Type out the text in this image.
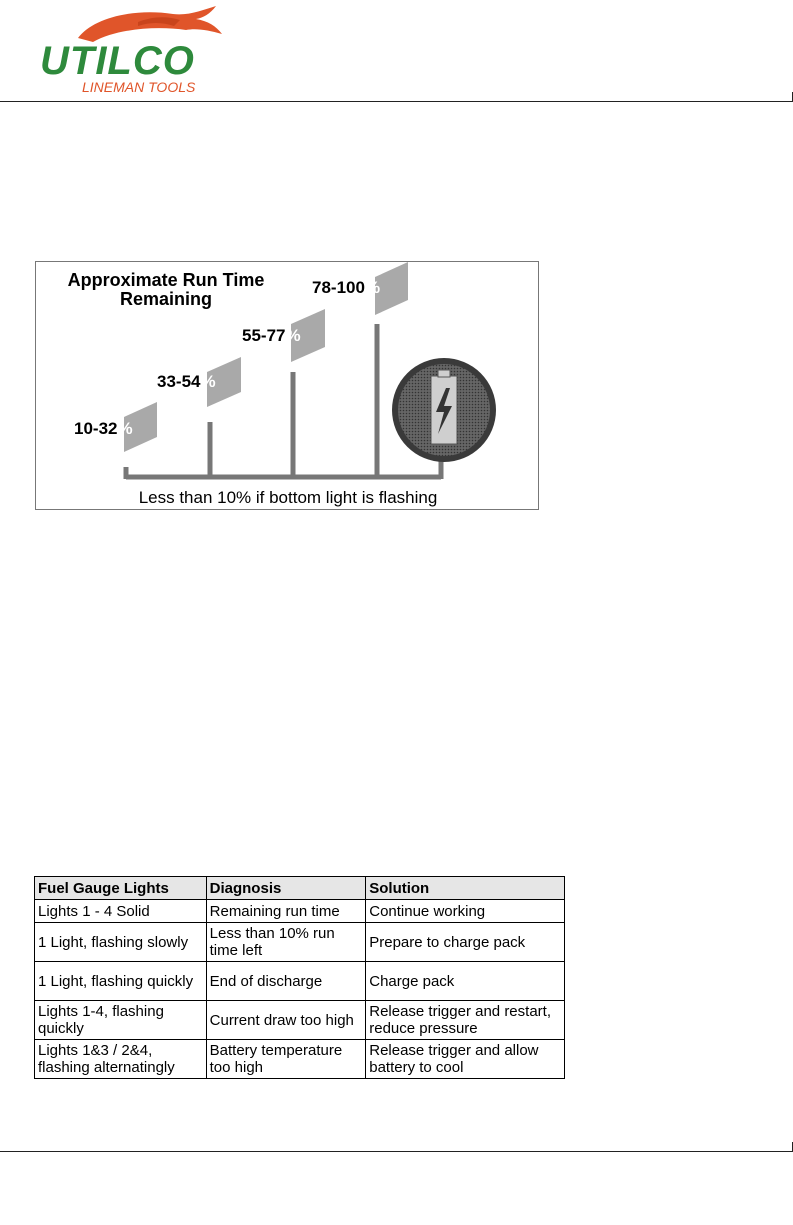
UTILCO
LINEMAN TOOLS
Approximate Run Time Remaining
10-32%
33-54%
55-77%
78-100%
Less than 10% if bottom light is flashing
Fuel Gauge Lights	Diagnosis	Solution
Lights 1 - 4 Solid	Remaining run time	Continue working
1 Light, flashing slowly	Less than 10% run time left	Prepare to charge pack
1 Light, flashing quickly	End of discharge	Charge pack
Lights 1-4, flashing quickly	Current draw too high	Release trigger and restart, reduce pressure
Lights 1&3 / 2&4, flashing alternatingly	Battery temperature too high	Release trigger and allow battery to cool
